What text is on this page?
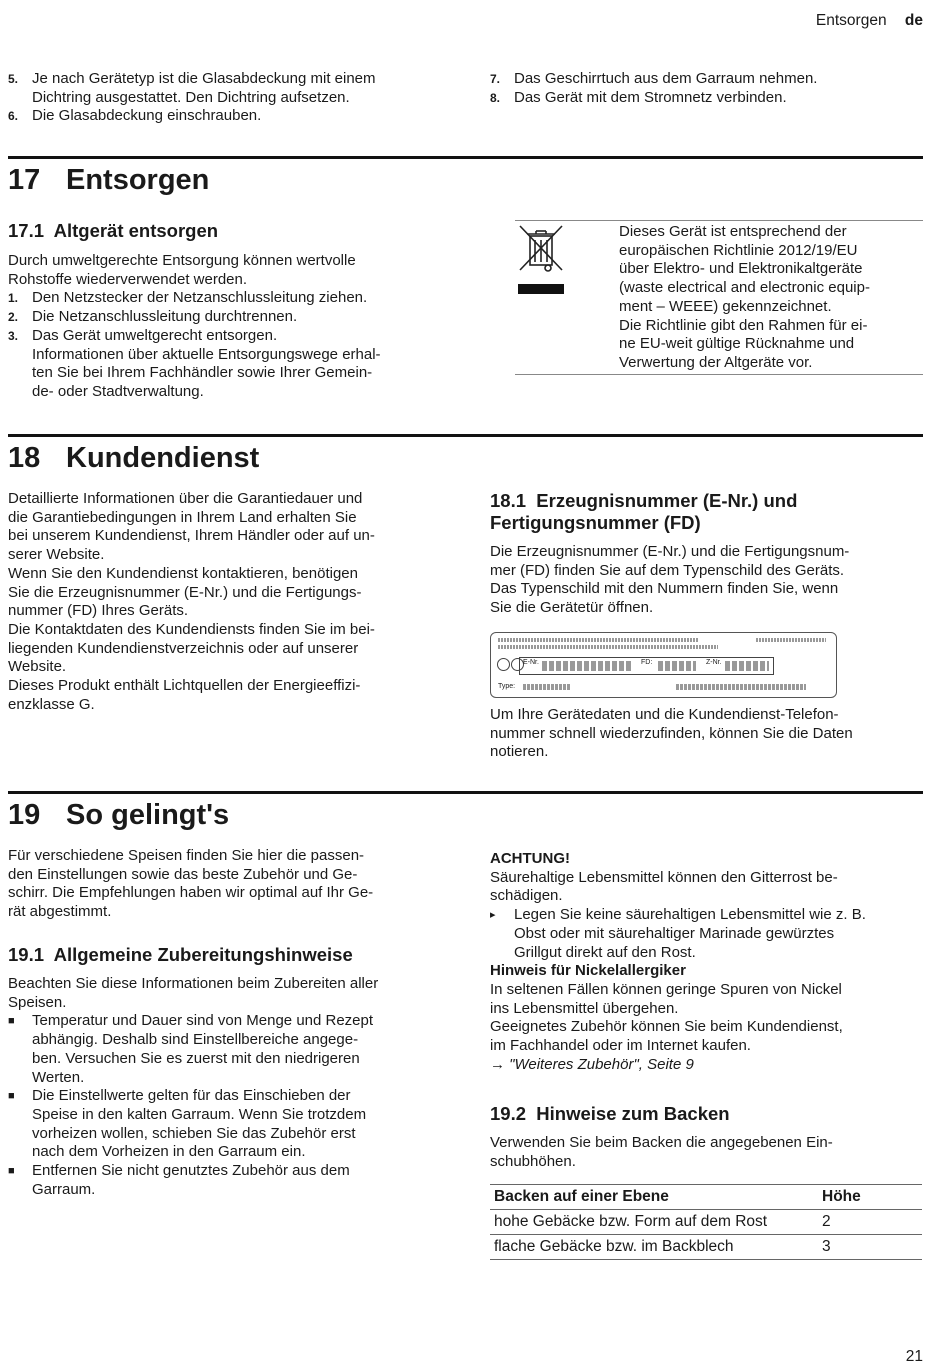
Entsorgen de
5. Je nach Gerätetyp ist die Glasabdeckung mit einem
Dichtring ausgestattet. Den Dichtring aufsetzen.
6. Die Glasabdeckung einschrauben.
7. Das Geschirrtuch aus dem Garraum nehmen.
8. Das Gerät mit dem Stromnetz verbinden.
17 Entsorgen
17.1 Altgerät entsorgen
Durch umweltgerechte Entsorgung können wertvolle
Rohstoffe wiederverwendet werden.
1. Den Netzstecker der Netzanschlussleitung ziehen.
2. Die Netzanschlussleitung durchtrennen.
3. Das Gerät umweltgerecht entsorgen.
Informationen über aktuelle Entsorgungswege erhal-
ten Sie bei Ihrem Fachhändler sowie Ihrer Gemein-
de- oder Stadtverwaltung.
Dieses Gerät ist entsprechend der
europäischen Richtlinie 2012/19/EU
über Elektro- und Elektronikaltgeräte
(waste electrical and electronic equip-
ment – WEEE) gekennzeichnet.
Die Richtlinie gibt den Rahmen für ei-
ne EU-weit gültige Rücknahme und
Verwertung der Altgeräte vor.
18 Kundendienst
Detaillierte Informationen über die Garantiedauer und
die Garantiebedingungen in Ihrem Land erhalten Sie
bei unserem Kundendienst, Ihrem Händler oder auf un-
serer Website.
Wenn Sie den Kundendienst kontaktieren, benötigen
Sie die Erzeugnisnummer (E-Nr.) und die Fertigungs-
nummer (FD) Ihres Geräts.
Die Kontaktdaten des Kundendiensts finden Sie im bei-
liegenden Kundendienstverzeichnis oder auf unserer
Website.
Dieses Produkt enthält Lichtquellen der Energieeffizi-
enzklasse G.
18.1 Erzeugnisnummer (E-Nr.) und
Fertigungsnummer (FD)
Die Erzeugnisnummer (E-Nr.) und die Fertigungsnum-
mer (FD) finden Sie auf dem Typenschild des Geräts.
Das Typenschild mit den Nummern finden Sie, wenn
Sie die Gerätetür öffnen.
E-Nr.	FD:	Z-Nr.
Type:
Um Ihre Gerätedaten und die Kundendienst-Telefon-
nummer schnell wiederzufinden, können Sie die Daten
notieren.
19 So gelingt's
Für verschiedene Speisen finden Sie hier die passen-
den Einstellungen sowie das beste Zubehör und Ge-
schirr. Die Empfehlungen haben wir optimal auf Ihr Ge-
rät abgestimmt.
19.1 Allgemeine Zubereitungshinweise
Beachten Sie diese Informationen beim Zubereiten aller
Speisen.
■ Temperatur und Dauer sind von Menge und Rezept
abhängig. Deshalb sind Einstellbereiche angege-
ben. Versuchen Sie es zuerst mit den niedrigeren
Werten.
■ Die Einstellwerte gelten für das Einschieben der
Speise in den kalten Garraum. Wenn Sie trotzdem
vorheizen wollen, schieben Sie das Zubehör erst
nach dem Vorheizen in den Garraum ein.
■ Entfernen Sie nicht genutztes Zubehör aus dem
Garraum.
ACHTUNG!
Säurehaltige Lebensmittel können den Gitterrost be-
schädigen.
▸ Legen Sie keine säurehaltigen Lebensmittel wie z. B.
Obst oder mit säurehaltiger Marinade gewürztes
Grillgut direkt auf den Rost.
Hinweis für Nickelallergiker
In seltenen Fällen können geringe Spuren von Nickel
ins Lebensmittel übergehen.
Geeignetes Zubehör können Sie beim Kundendienst,
im Fachhandel oder im Internet kaufen.
→ "Weiteres Zubehör", Seite 9
19.2 Hinweise zum Backen
Verwenden Sie beim Backen die angegebenen Ein-
schubhöhen.
Backen auf einer Ebene	Höhe
hohe Gebäcke bzw. Form auf dem Rost	2
flache Gebäcke bzw. im Backblech	3
21
